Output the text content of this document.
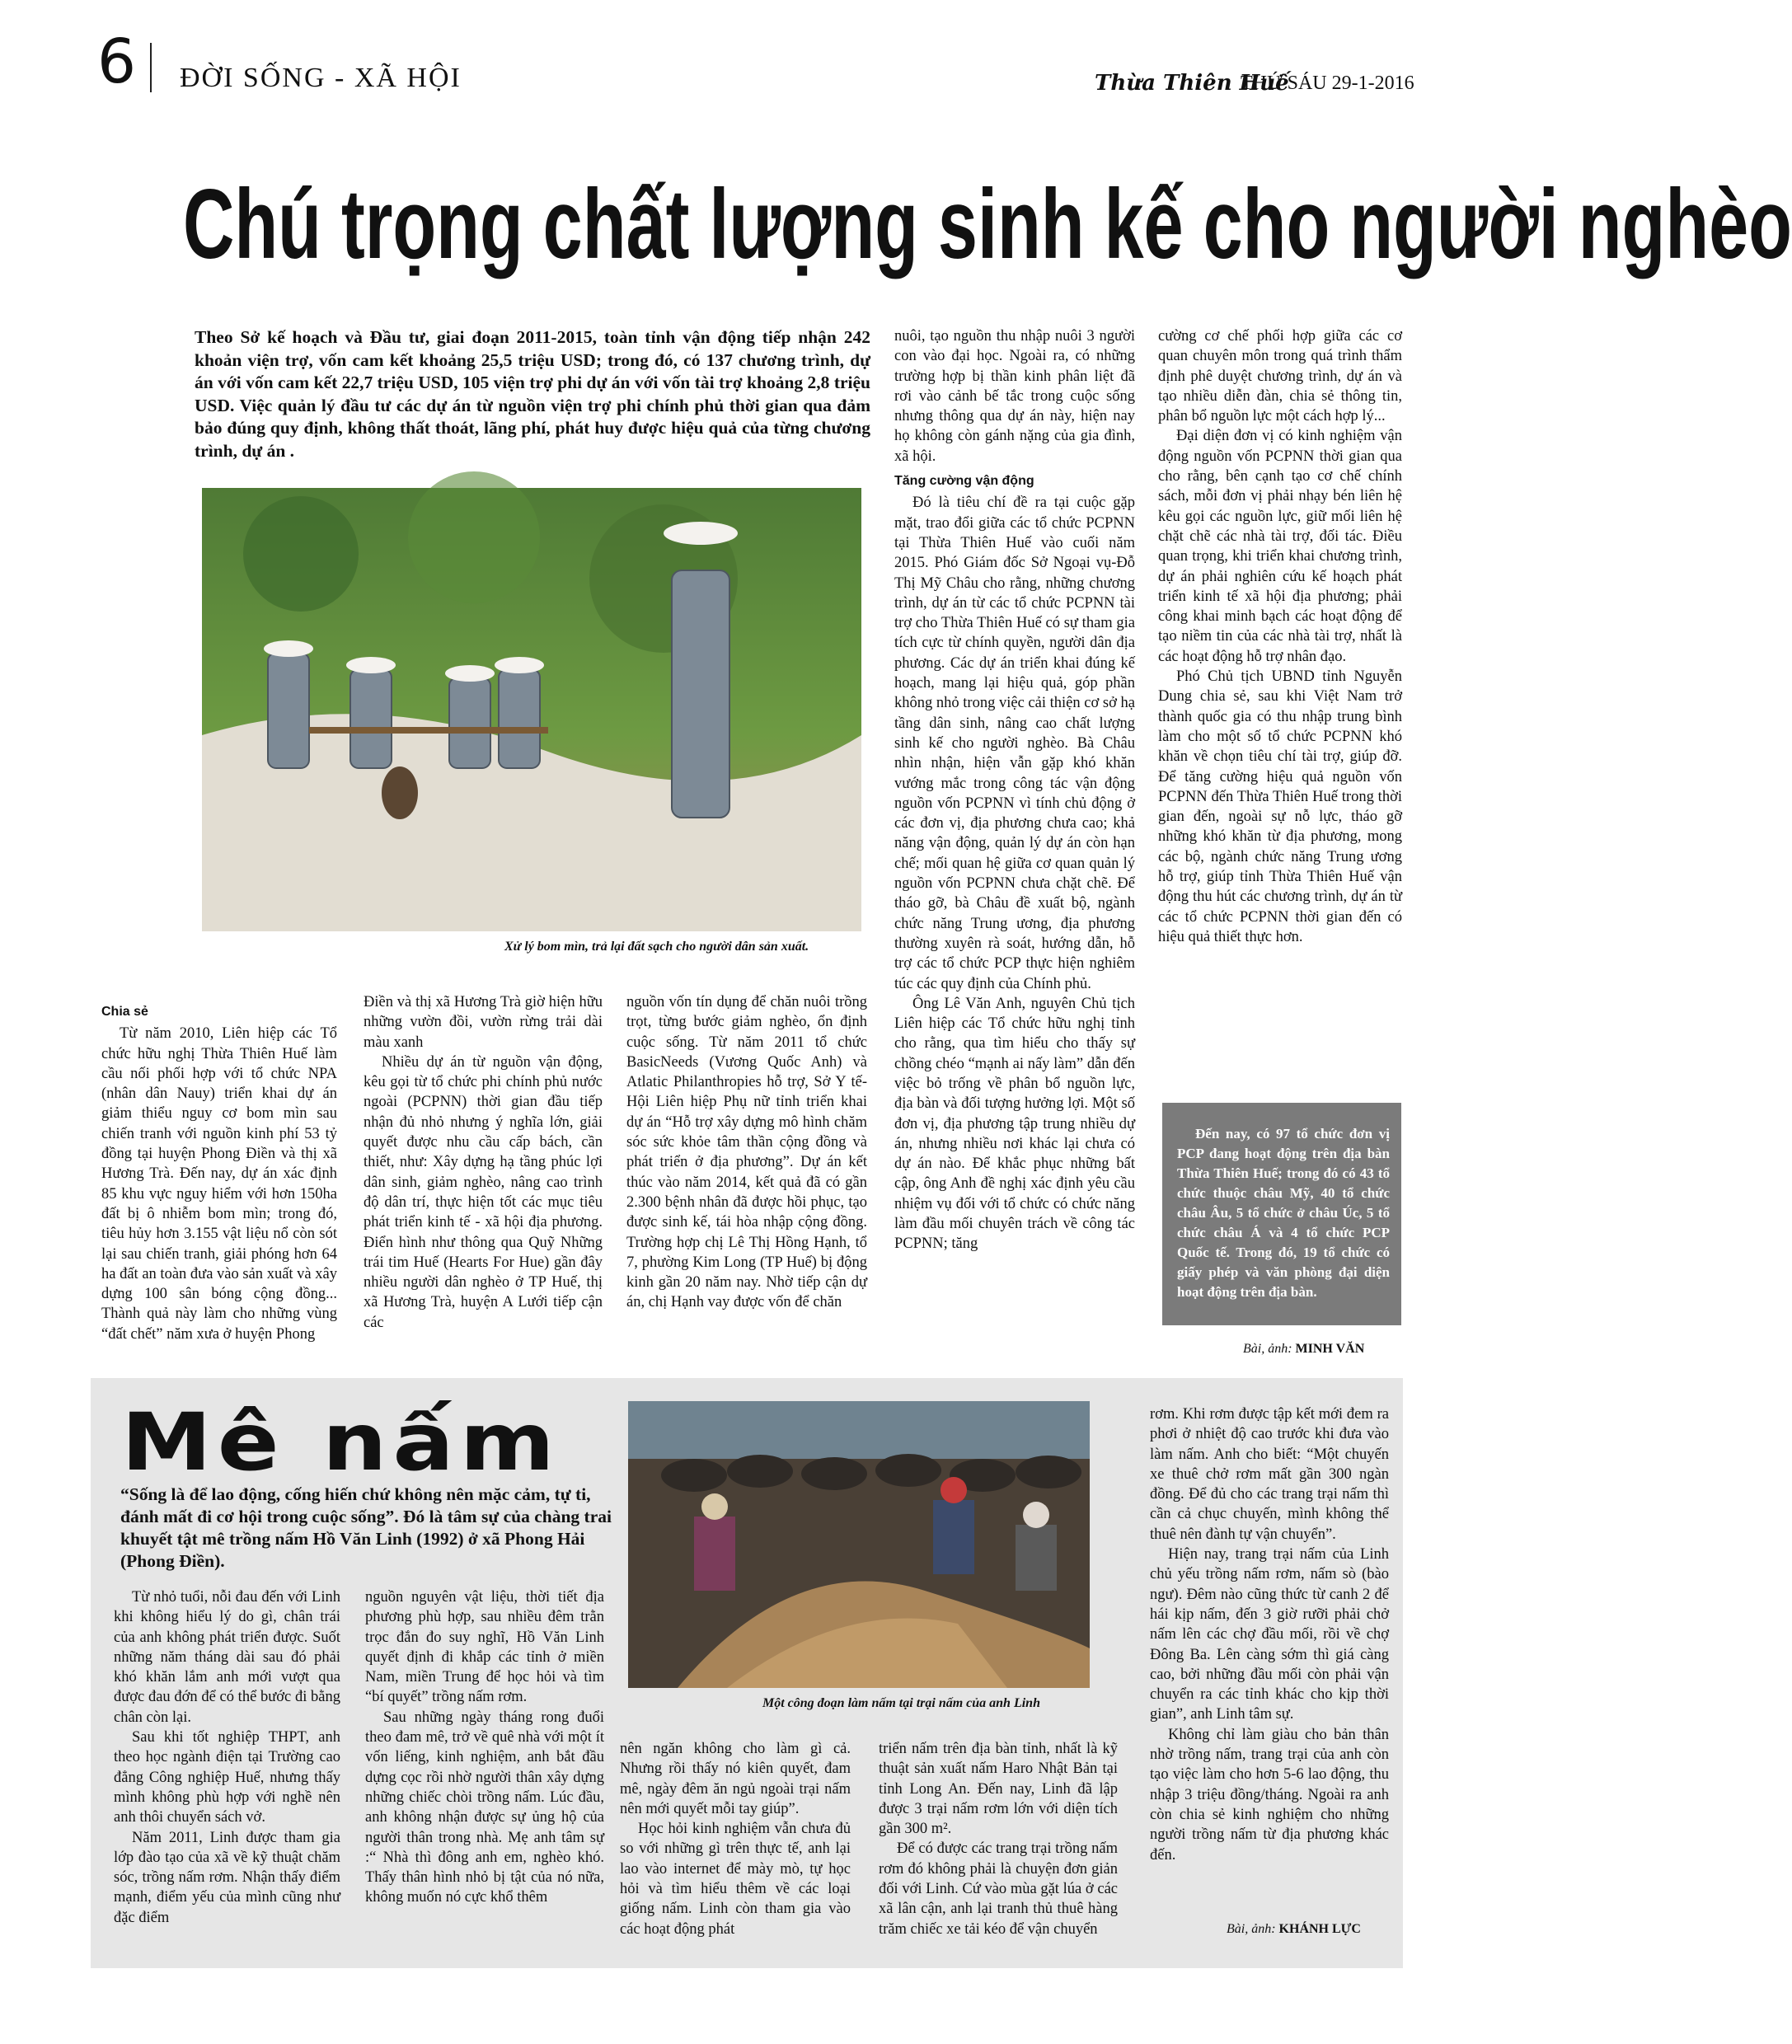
6 ĐỜI SỐNG - XÃ HỘI	Thừa Thiên Huế
THỨ SÁU 29-1-2016
Chú trọng chất lượng sinh kế cho người nghèo
Theo Sở kế hoạch và Đầu tư, giai đoạn 2011-2015, toàn tỉnh vận động tiếp nhận 242 khoản viện trợ, vốn cam kết khoảng 25,5 triệu USD; trong đó, có 137 chương trình, dự án với vốn cam kết 22,7 triệu USD, 105 viện trợ phi dự án với vốn tài trợ khoảng 2,8 triệu USD. Việc quản lý đầu tư các dự án từ nguồn viện trợ phi chính phủ thời gian qua đảm bảo đúng quy định, không thất thoát, lãng phí, phát huy được hiệu quả của từng chương trình, dự án .
Xử lý bom mìn, trả lại đất sạch cho người dân sản xuất.
Chia sẻ

Từ năm 2010, Liên hiệp các Tổ chức hữu nghị Thừa Thiên Huế làm cầu nối phối hợp với tổ chức NPA (nhân dân Nauy) triển khai dự án giảm thiểu nguy cơ bom mìn sau chiến tranh với nguồn kinh phí 53 tỷ đồng tại huyện Phong Điền và thị xã Hương Trà. Đến nay, dự án xác định 85 khu vực nguy hiểm với hơn 150ha đất bị ô nhiễm bom mìn; trong đó, tiêu hủy hơn 3.155 vật liệu nổ còn sót lại sau chiến tranh, giải phóng hơn 64 ha đất an toàn đưa vào sản xuất và xây dựng 100 sân bóng cộng đồng... Thành quả này làm cho những vùng “đất chết” năm xưa ở huyện Phong

Điền và thị xã Hương Trà giờ hiện hữu những vườn đồi, vườn rừng trải dài màu xanh

Nhiều dự án từ nguồn vận động, kêu gọi từ tổ chức phi chính phủ nước ngoài (PCPNN) thời gian đầu tiếp nhận đủ nhỏ nhưng ý nghĩa lớn, giải quyết được nhu cầu cấp bách, cần thiết, như: Xây dựng hạ tầng phúc lợi dân sinh, giảm nghèo, nâng cao trình độ dân trí, thực hiện tốt các mục tiêu phát triển kinh tế - xã hội địa phương. Điển hình như thông qua Quỹ Những trái tim Huế (Hearts For Hue) gần đây nhiều người dân nghèo ở TP Huế, thị xã Hương Trà, huyện A Lưới tiếp cận các

nguồn vốn tín dụng để chăn nuôi trồng trọt, từng bước giảm nghèo, ổn định cuộc sống. Từ năm 2011 tổ chức BasicNeeds (Vương Quốc Anh) và Atlatic Philanthropies hỗ trợ, Sở Y tế-Hội Liên hiệp Phụ nữ tỉnh triển khai dự án “Hỗ trợ xây dựng mô hình chăm sóc sức khỏe tâm thần cộng đồng và phát triển ở địa phương”. Dự án kết thúc vào năm 2014, kết quả đã có gần 2.300 bệnh nhân đã được hồi phục, tạo được sinh kế, tái hòa nhập cộng đồng. Trường hợp chị Lê Thị Hồng Hạnh, tổ 7, phường Kim Long (TP Huế) bị động kinh gần 20 năm nay. Nhờ tiếp cận dự án, chị Hạnh vay được vốn để chăn

nuôi, tạo nguồn thu nhập nuôi 3 người con vào đại học. Ngoài ra, có những trường hợp bị thần kinh phân liệt đã rơi vào cảnh bế tắc trong cuộc sống nhưng thông qua dự án này, hiện nay họ không còn gánh nặng của gia đình, xã hội.

Tăng cường vận động

Đó là tiêu chí đề ra tại cuộc gặp mặt, trao đổi giữa các tổ chức PCPNN tại Thừa Thiên Huế vào cuối năm 2015. Phó Giám đốc Sở Ngoại vụ-Đỗ Thị Mỹ Châu cho rằng, những chương trình, dự án từ các tổ chức PCPNN tài trợ cho Thừa Thiên Huế có sự tham gia tích cực từ chính quyền, người dân địa phương. Các dự án triển khai đúng kế hoạch, mang lại hiệu quả, góp phần không nhỏ trong việc cải thiện cơ sở hạ tầng dân sinh, nâng cao chất lượng sinh kế cho người nghèo. Bà Châu nhìn nhận, hiện vẫn gặp khó khăn vướng mắc trong công tác vận động nguồn vốn PCPNN vì tính chủ động ở các đơn vị, địa phương chưa cao; khả năng vận động, quản lý dự án còn hạn chế; mối quan hệ giữa cơ quan quản lý nguồn vốn PCPNN chưa chặt chẽ. Để tháo gỡ, bà Châu đề xuất bộ, ngành chức năng Trung ương, địa phương thường xuyên rà soát, hướng dẫn, hỗ trợ các tổ chức PCP thực hiện nghiêm túc các quy định của Chính phủ.

Ông Lê Văn Anh, nguyên Chủ tịch Liên hiệp các Tổ chức hữu nghị tỉnh cho rằng, qua tìm hiểu cho thấy sự chồng chéo “mạnh ai nấy làm” dẫn đến việc bỏ trống về phân bổ nguồn lực, địa bàn và đối tượng hưởng lợi. Một số đơn vị, địa phương tập trung nhiều dự án, nhưng nhiều nơi khác lại chưa có dự án nào. Để khắc phục những bất cập, ông Anh đề nghị xác định yêu cầu nhiệm vụ đối với tổ chức có chức năng làm đầu mối chuyên trách về công tác PCPNN; tăng

cường cơ chế phối hợp giữa các cơ quan chuyên môn trong quá trình thẩm định phê duyệt chương trình, dự án và tạo nhiều diễn đàn, chia sẻ thông tin, phân bổ nguồn lực một cách hợp lý...

Đại diện đơn vị có kinh nghiệm vận động nguồn vốn PCPNN thời gian qua cho rằng, bên cạnh tạo cơ chế chính sách, mỗi đơn vị phải nhạy bén liên hệ kêu gọi các nguồn lực, giữ mối liên hệ chặt chẽ các nhà tài trợ, đối tác. Điều quan trọng, khi triển khai chương trình, dự án phải nghiên cứu kế hoạch phát triển kinh tế xã hội địa phương; phải công khai minh bạch các hoạt động để tạo niềm tin của các nhà tài trợ, nhất là các hoạt động hỗ trợ nhân đạo.

Phó Chủ tịch UBND tỉnh Nguyễn Dung chia sẻ, sau khi Việt Nam trở thành quốc gia có thu nhập trung bình làm cho một số tổ chức PCPNN khó khăn về chọn tiêu chí tài trợ, giúp đỡ. Để tăng cường hiệu quả nguồn vốn PCPNN đến Thừa Thiên Huế trong thời gian đến, ngoài sự nỗ lực, tháo gỡ những khó khăn từ địa phương, mong các bộ, ngành chức năng Trung ương hỗ trợ, giúp tỉnh Thừa Thiên Huế vận động thu hút các chương trình, dự án từ các tổ chức PCPNN thời gian đến có hiệu quả thiết thực hơn.

Đến nay, có 97 tổ chức đơn vị PCP đang hoạt động trên địa bàn Thừa Thiên Huế; trong đó có 43 tổ chức thuộc châu Mỹ, 40 tổ chức châu Âu, 5 tổ chức ở châu Úc, 5 tổ chức châu Á và 4 tổ chức PCP Quốc tế. Trong đó, 19 tổ chức có giấy phép và văn phòng đại diện hoạt động trên địa bàn.

Bài, ảnh: MINH VĂN
Mê nấm
“Sống là để lao động, cống hiến chứ không nên mặc cảm, tự ti, đánh mất đi cơ hội trong cuộc sống”. Đó là tâm sự của chàng trai khuyết tật mê trồng nấm Hồ Văn Linh (1992) ở xã Phong Hải (Phong Điền).
Một công đoạn làm nấm tại trại nấm của anh Linh

Từ nhỏ tuổi, nỗi đau đến với Linh khi không hiểu lý do gì, chân trái của anh không phát triển được. Suốt những năm tháng dài sau đó phải khó khăn lắm anh mới vượt qua được đau đớn để có thể bước đi bằng chân còn lại.

Sau khi tốt nghiệp THPT, anh theo học ngành điện tại Trường cao đẳng Công nghiệp Huế, nhưng thấy mình không phù hợp với nghề nên anh thôi chuyển sách vở.

Năm 2011, Linh được tham gia lớp đào tạo của xã về kỹ thuật chăm sóc, trồng nấm rơm. Nhận thấy điểm mạnh, điểm yếu của mình cũng như đặc điểm

nguồn nguyên vật liệu, thời tiết địa phương phù hợp, sau nhiều đêm trằn trọc đắn đo suy nghĩ, Hồ Văn Linh quyết định đi khắp các tỉnh ở miền Nam, miền Trung để học hỏi và tìm “bí quyết” trồng nấm rơm.

Sau những ngày tháng rong đuổi theo đam mê, trở về quê nhà với một ít vốn liếng, kinh nghiệm, anh bắt đầu dựng cọc rồi nhờ người thân xây dựng những chiếc chòi trồng nấm. Lúc đầu, anh không nhận được sự ủng hộ của người thân trong nhà. Mẹ anh tâm sự :“ Nhà thì đông anh em, nghèo khó. Thấy thân hình nhỏ bị tật của nó nữa, không muốn nó cực khổ thêm

nên ngăn không cho làm gì cả. Nhưng rồi thấy nó kiên quyết, đam mê, ngày đêm ăn ngủ ngoài trại nấm nên mới quyết mỗi tay giúp”.

Học hỏi kinh nghiệm vẫn chưa đủ so với những gì trên thực tế, anh lại lao vào internet để mày mò, tự học hỏi và tìm hiểu thêm về các loại giống nấm. Linh còn tham gia vào các hoạt động phát

triển nấm trên địa bàn tỉnh, nhất là kỹ thuật sản xuất nấm Haro Nhật Bản tại tỉnh Long An. Đến nay, Linh đã lập được 3 trại nấm rơm lớn với diện tích gần 300 m².

Để có được các trang trại trồng nấm rơm đó không phải là chuyện đơn giản đối với Linh. Cứ vào mùa gặt lúa ở các xã lân cận, anh lại tranh thủ thuê hàng trăm chiếc xe tải kéo để vận chuyển

rơm. Khi rơm được tập kết mới đem ra phơi ở nhiệt độ cao trước khi đưa vào làm nấm. Anh cho biết: “Một chuyến xe thuê chở rơm mất gần 300 ngàn đồng. Để đủ cho các trang trại nấm thì cần cả chục chuyến, mình không thể thuê nên đành tự vận chuyển”.

Hiện nay, trang trại nấm của Linh chủ yếu trồng nấm rơm, nấm sò (bào ngư). Đêm nào cũng thức từ canh 2 để hái kịp nấm, đến 3 giờ rưỡi phải chở nấm lên các chợ đầu mối, rồi về chợ Đông Ba. Lên càng sớm thì giá càng cao, bởi những đầu mối còn phải vận chuyển ra các tỉnh khác cho kịp thời gian”, anh Linh tâm sự.

Không chỉ làm giàu cho bản thân nhờ trồng nấm, trang trại của anh còn tạo việc làm cho hơn 5-6 lao động, thu nhập 3 triệu đồng/tháng. Ngoài ra anh còn chia sẻ kinh nghiệm cho những người trồng nấm từ địa phương khác đến.

Bài, ảnh: KHÁNH LỰC
